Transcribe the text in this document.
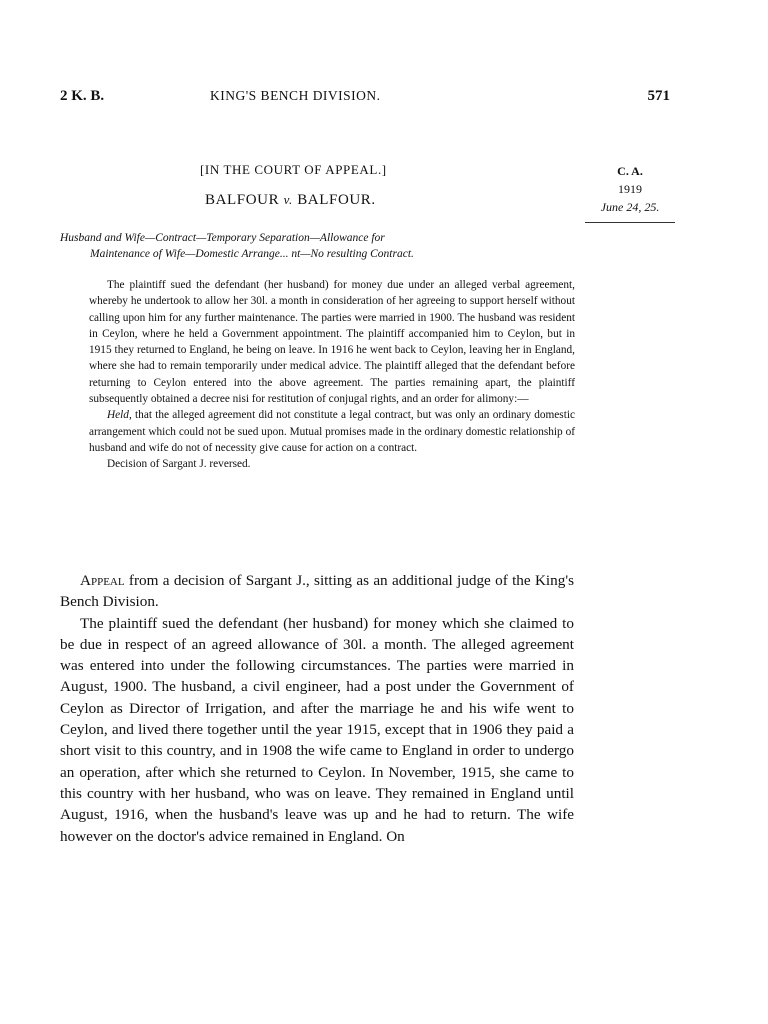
2 K. B.	KING'S BENCH DIVISION.	571
[IN THE COURT OF APPEAL.]
BALFOUR v. BALFOUR.
C. A.
1919
June 24, 25.
Husband and Wife—Contract—Temporary Separation—Allowance for
Maintenance of Wife—Domestic Arrange... nt—No resulting Contract.

The plaintiff sued the defendant (her husband) for money due under an alleged verbal agreement, whereby he undertook to allow her 30l. a month in consideration of her agreeing to support herself without calling upon him for any further maintenance. The parties were married in 1900. The husband was resident in Ceylon, where he held a Government appointment. The plaintiff accompanied him to Ceylon, but in 1915 they returned to England, he being on leave. In 1916 he went back to Ceylon, leaving her in England, where she had to remain temporarily under medical advice. The plaintiff alleged that the defendant before returning to Ceylon entered into the above agreement. The parties remaining apart, the plaintiff subsequently obtained a decree nisi for restitution of conjugal rights, and an order for alimony:—

Held, that the alleged agreement did not constitute a legal contract, but was only an ordinary domestic arrangement which could not be sued upon. Mutual promises made in the ordinary domestic relationship of husband and wife do not of necessity give cause for action on a contract.

Decision of Sargant J. reversed.

Appeal from a decision of Sargant J., sitting as an additional judge of the King's Bench Division.

The plaintiff sued the defendant (her husband) for money which she claimed to be due in respect of an agreed allowance of 30l. a month. The alleged agreement was entered into under the following circumstances. The parties were married in August, 1900. The husband, a civil engineer, had a post under the Government of Ceylon as Director of Irrigation, and after the marriage he and his wife went to Ceylon, and lived there together until the year 1915, except that in 1906 they paid a short visit to this country, and in 1908 the wife came to England in order to undergo an operation, after which she returned to Ceylon. In November, 1915, she came to this country with her husband, who was on leave. They remained in England until August, 1916, when the husband's leave was up and he had to return. The wife however on the doctor's advice remained in England. On
